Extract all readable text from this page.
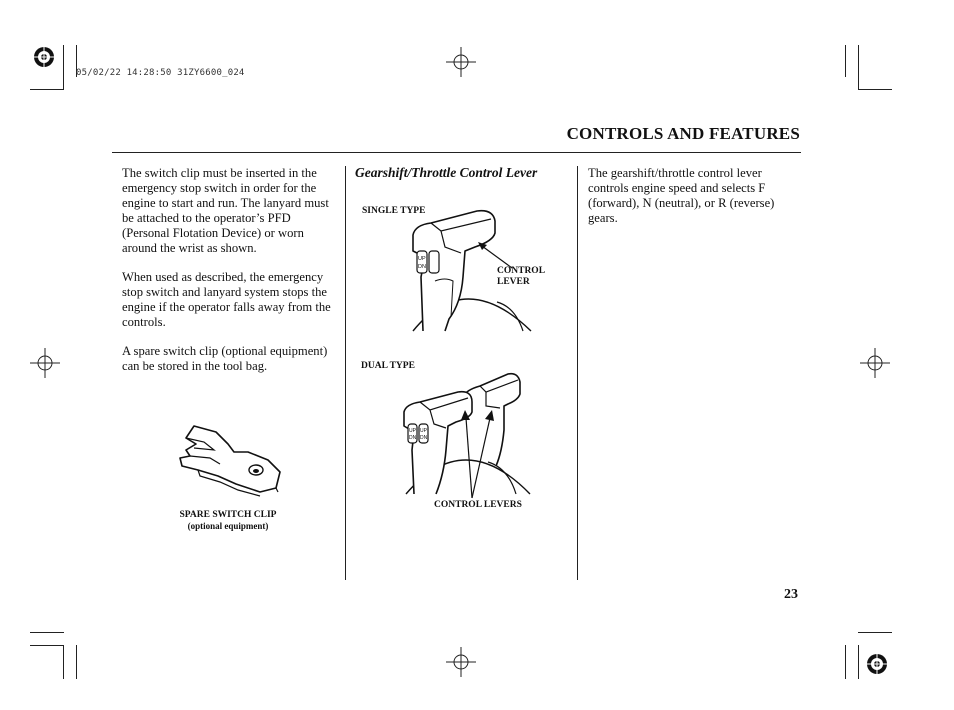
05/02/22 14:28:50 31ZY6600_024
CONTROLS AND FEATURES

The switch clip must be inserted in the emergency stop switch in order for the engine to start and run. The lanyard must be attached to the operator’s PFD (Personal Flotation Device) or worn around the wrist as shown.

When used as described, the emergency stop switch and lanyard system stops the engine if the operator falls away from the controls.

A spare switch clip (optional equipment) can be stored in the tool bag.

SPARE SWITCH CLIP
(optional equipment)
Gearshift/Throttle Control Lever
SINGLE TYPE
UP
DN	CONTROL
LEVER
DUAL TYPE
UP
DN
UP
DN
CONTROL LEVERS

The gearshift/throttle control lever controls engine speed and selects F (forward), N (neutral), or R (reverse) gears.

23
